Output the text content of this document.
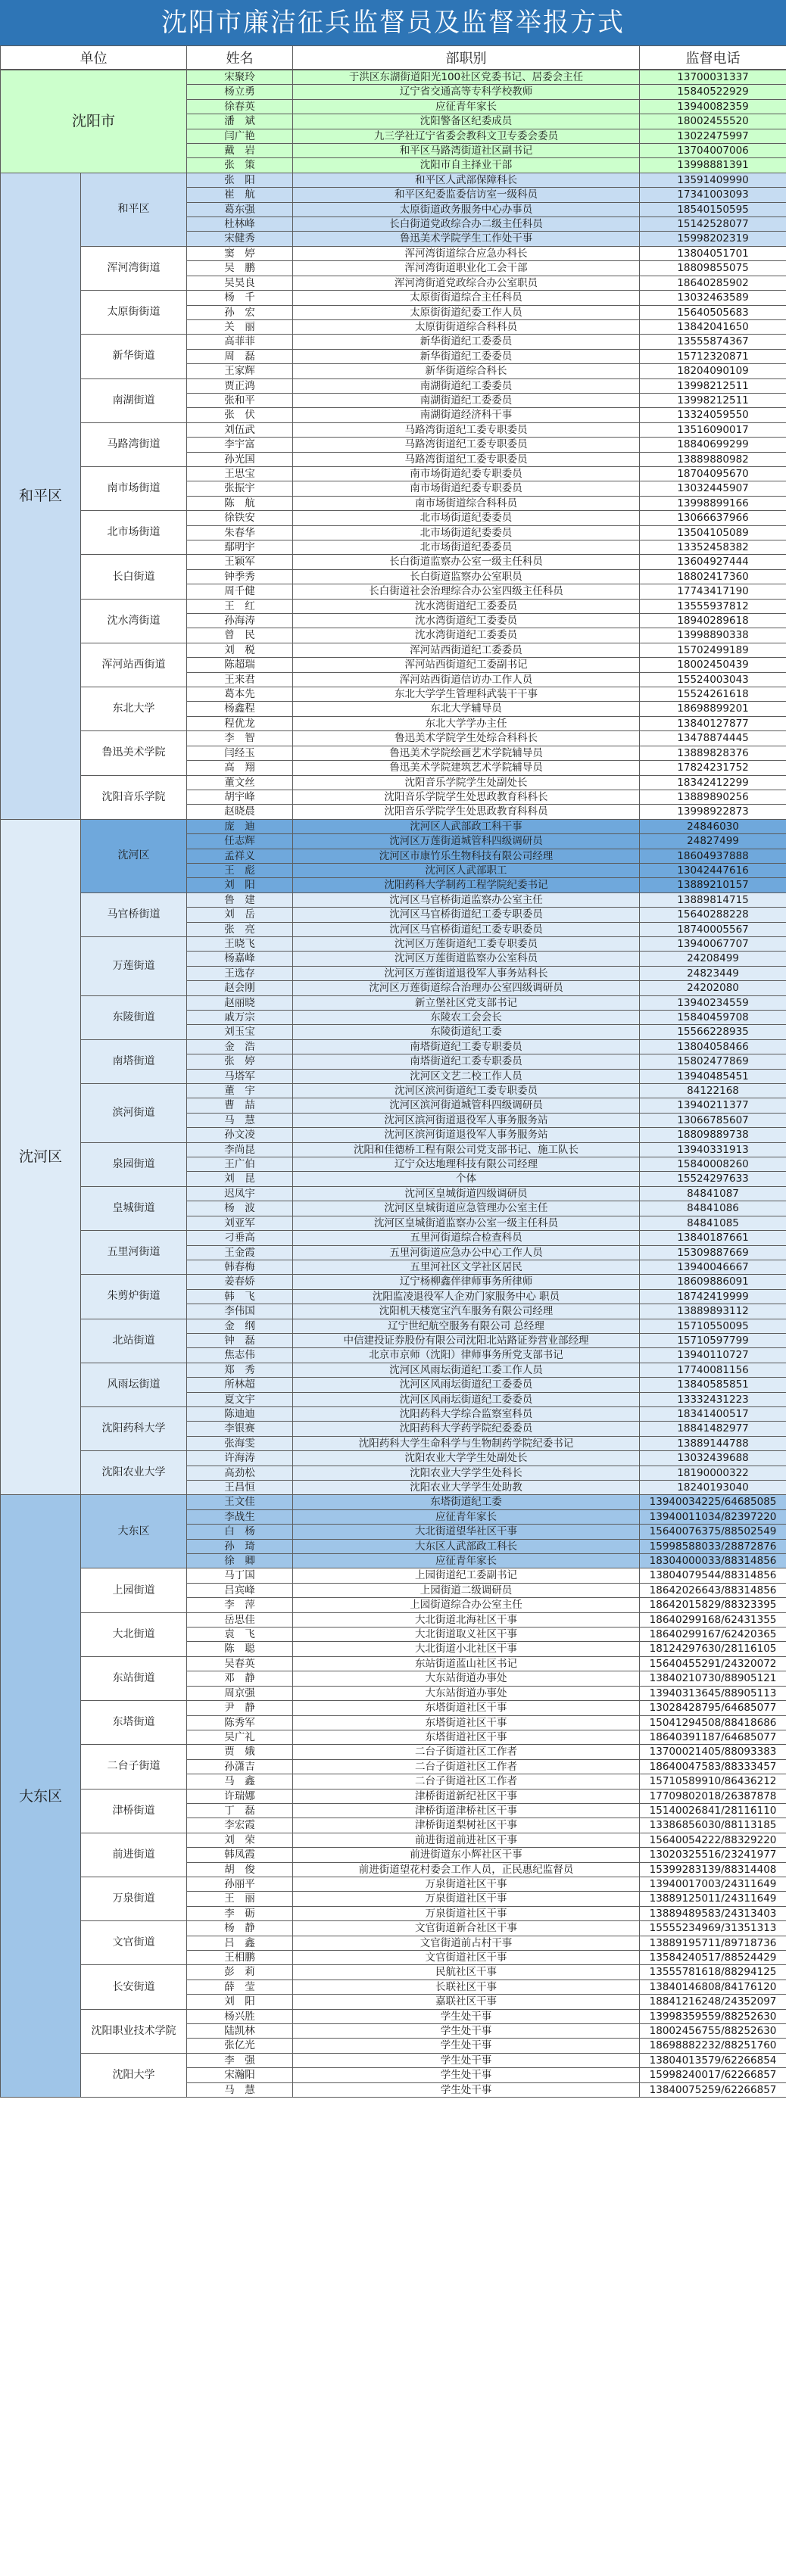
沈阳市廉洁征兵监督员及监督举报方式
单位	姓名	部职别	监督电话
沈阳市		宋聚玲	于洪区东湖街道阳光100社区党委书记、居委会主任	13700031337
		杨立勇	辽宁省交通高等专科学校教师	15840522929
		徐春英	应征青年家长	13940082359
		潘　斌	沈阳警备区纪委成员	18002455520
		闫广艳	九三学社辽宁省委会教科文卫专委会委员	13022475997
		戴　岩	和平区马路湾街道社区副书记	13704007006
		张　策	沈阳市自主择业干部	13998881391
和平区	和平区	张　阳	和平区人武部保障科长	13591409990
		崔　航	和平区纪委监委信访室一级科员	17341003093
		葛东强	太原街道政务服务中心办事员	18540150595
		杜林峰	长白街道党政综合办二级主任科员	15142528077
		宋健秀	鲁迅美术学院学生工作处干事	15998202319
	浑河湾街道	窦　婷	浑河湾街道综合应急办科长	13804051701
		吴　鹏	浑河湾街道职业化工会干部	18809855075
		吴昊良	浑河湾街道党政综合办公室职员	18640285902
	太原街街道	杨　千	太原街街道综合主任科员	13032463589
		孙　宏	太原街街道纪委工作人员	15640505683
		关　丽	太原街街道综合科科员	13842041650
	新华街道	高菲菲	新华街道纪工委委员	13555874367
		周　磊	新华街道纪工委委员	15712320871
		王家辉	新华街道综合科长	18204090109
	南湖街道	贾正鸿	南湖街道纪工委委员	13998212511
		张和平	南湖街道纪工委委员	13998212511
		张　伏	南湖街道经济科干事	13324059550
	马路湾街道	刘伍武	马路湾街道纪工委专职委员	13516090017
		李宇富	马路湾街道纪工委专职委员	18840699299
		孙光国	马路湾街道纪工委专职委员	13889880982
	南市场街道	王思宝	南市场街道纪委专职委员	18704095670
		张振宇	南市场街道纪委专职委员	13032445907
		陈　航	南市场街道综合科科员	13998899166
	北市场街道	徐铁安	北市场街道纪委委员	13066637966
		朱春华	北市场街道纪委委员	13504105089
		鄢明宇	北市场街道纪委委员	13352458382
	长白街道	王颖军	长白街道监察办公室一级主任科员	13604927444
		钟季秀	长白街道监察办公室职员	18802417360
		周千健	长白街道社会治理综合办公室四级主任科员	17743417190
	沈水湾街道	王　红	沈水湾街道纪工委委员	13555937812
		孙海涛	沈水湾街道纪工委委员	18940289618
		曾　民	沈水湾街道纪工委委员	13998890338
	浑河站西街道	刘　税	浑河站西街道纪工委委员	15702499189
		陈超瑞	浑河站西街道纪工委副书记	18002450439
		王来君	浑河站西街道信访办工作人员	15524003043
	东北大学	葛本先	东北大学学生管理科武装干干事	15524261618
		杨鑫程	东北大学辅导员	18698899201
		程优龙	东北大学学办主任	13840127877
	鲁迅美术学院	李　智	鲁迅美术学院学生处综合科科长	13478874445
		闫经玉	鲁迅美术学院绘画艺术学院辅导员	13889828376
		高　翔	鲁迅美术学院建筑艺术学院辅导员	17824231752
	沈阳音乐学院	董文丝	沈阳音乐学院学生处副处长	18342412299
		胡宇峰	沈阳音乐学院学生处思政教育科科长	13889890256
		赵晓晨	沈阳音乐学院学生处思政教育科科员	13998922873
沈河区	沈河区	庞　迪	沈河区人武部政工科干事	24846030
		任志辉	沈河区万莲街道城管科四级调研员	24827499
		孟祥义	沈河区市康竹乐生物科技有限公司经理	18604937888
		王　彪	沈河区人武部职工	13042447616
		刘　阳	沈阳药科大学制药工程学院纪委书记	13889210157
	马官桥街道	鲁　建	沈河区马官桥街道监察办公室主任	13889814715
		刘　岳	沈河区马官桥街道纪工委专职委员	15640288228
		张　亮	沈河区马官桥街道纪工委专职委员	18740005567
	万莲街道	王晓飞	沈河区万莲街道纪工委专职委员	13940067707
		杨嘉峰	沈河区万莲街道监察办公室科员	24208499
		王选存	沈河区万莲街道退役军人事务站科长	24823449
		赵会刚	沈河区万莲街道综合治理办公室四级调研员	24202080
	东陵街道	赵丽晓	新立堡社区党支部书记	13940234559
		戚万宗	东陵农工会会长	15840459708
		刘玉宝	东陵街道纪工委	15566228935
	南塔街道	金　浩	南塔街道纪工委专职委员	13804058466
		张　婷	南塔街道纪工委专职委员	15802477869
		马塔军	沈河区文艺二校工作人员	13940485451
	滨河街道	董　宇	沈河区滨河街道纪工委专职委员	84122168
		曹　喆	沈河区滨河街道城管科四级调研员	13940211377
		马　慧	沈河区滨河街道退役军人事务服务站	13066785607
		孙文凌	沈河区滨河街道退役军人事务服务站	18809889738
	泉园街道	李尚昆	沈阳和佳德桥工程有限公司党支部书记、施工队长	13940331913
		王广伯	辽宁众达地理科技有限公司经理	15840008260
		刘　昆	个体	15524297633
	皇城街道	迟凤宇	沈河区皇城街道四级调研员	84841087
		杨　波	沈河区皇城街道应急管理办公室主任	84841086
		刘亚军	沈河区皇城街道监察办公室一级主任科员	84841085
	五里河街道	刁垂高	五里河街道综合检查科员	13840187661
		王金霞	五里河街道应急办公中心工作人员	15309887669
		韩春梅	五里河社区文学社区居民	13940046667
	朱剪炉街道	姜春娇	辽宁杨柳鑫伴律师事务所律师	18609886091
		韩　飞	沈阳监凌退役军人企劝门家服务中心 职员	18742419999
		李伟国	沈阳机天楼宽宝汽车服务有限公司经理	13889893112
	北站街道	金　纲	辽宁世纪航空服务有限公司 总经理	15710550095
		钟　磊	中信建投证券股份有限公司沈阳北站路证券营业部经理	15710597799
		焦志伟	北京市京师（沈阳）律师事务所党支部书记	13940110727
	风雨坛街道	郑　秀	沈河区风雨坛街道纪工委工作人员	17740081156
		所林超	沈河区风雨坛街道纪工委委员	13840585851
		夏文宇	沈河区风雨坛街道纪工委委员	13332431223
	沈阳药科大学	陈迪迪	沈阳药科大学综合监察室科员	18341400517
		李银赛	沈阳药科大学药学院纪委委员	18841482977
		张海雯	沈阳药科大学生命科学与生物制药学院纪委书记	13889144788
	沈阳农业大学	许海涛	沈阳农业大学学生处副处长	13032439688
		高劲松	沈阳农业大学学生处科长	18190000322
		王昌恒	沈阳农业大学学生处助教	18240193040
大东区	大东区	王文佳	东塔街道纪工委	13940034225/64685085
		李战生	应征青年家长	13940011034/82397220
		白　杨	大北街道望华社区干事	15640076375/88502549
		孙　琦	大东区人武部政工科长	15998588033/28872876
		徐　卿	应征青年家长	18304000033/88314856
	上园街道	马丁国	上园街道纪工委副书记	13804079544/88314856
		吕宾峰	上园街道二级调研员	18642026643/88314856
		李　萍	上园街道综合办公室主任	18642015829/88323395
	大北街道	岳思佳	大北街道北海社区干事	18640299168/62431355
		袁　飞	大北街道取义社区干事	18640299167/62420365
		陈　聪	大北街道小北社区干事	18124297630/28116105
	东站街道	吴春英	东站街道蓝山社区书记	15640455291/24320072
		邓　静	大东站街道办事处	13840210730/88905121
		周京强	大东站街道办事处	13940313645/88905113
	东塔街道	尹　静	东塔街道社区干事	13028428795/64685077
		陈秀军	东塔街道社区干事	15041294508/88418686
		吴广礼	东塔街道社区干事	18640391187/64685077
	二台子街道	贾　娥	二台子街道社区工作者	13700021405/88093383
		孙潇吉	二台子街道社区工作者	18640047583/88333457
		马　鑫	二台子街道社区工作者	15710589910/86436212
	津桥街道	许瑞娜	津桥街道新纪社区干事	17709802018/26387878
		丁　磊	津桥街道津桥社区干事	15140026841/28116110
		李宏霞	津桥街道梨树社区干事	13386856030/88113185
	前进街道	刘　荣	前进街道前进社区干事	15640054222/88329220
		韩凤霞	前进街道东小辉社区干事	13020325516/23241977
		胡　俊	前进街道望花村委会工作人员，正民惠纪监督员	15399283139/88314408
	万泉街道	孙丽平	万泉街道社区干事	13940017003/24311649
		王　丽	万泉街道社区干事	13889125011/24311649
		李　砺	万泉街道社区干事	13889489583/24313403
	文官街道	杨　静	文官街道新合社区干事	15555234969/31351313
		吕　鑫	文官街道前占村干事	13889195711/89718736
		王相鹏	文官街道社区干事	13584240517/88524429
	长安街道	彭　莉	民航社区干事	13555781618/88294125
		薛　莹	长联社区干事	13840146808/84176120
		刘　阳	嘉联社区干事	18841216248/24352097
	沈阳职业技术学院	杨兴胜	学生处干事	13998359559/88252630
		陆凯林	学生处干事	18002456755/88252630
		张亿光	学生处干事	18698882232/88251760
	沈阳大学	李　强	学生处干事	13804013579/62266854
		宋瀚阳	学生处干事	15998240017/62266857
		马　慧	学生处干事	13840075259/62266857
